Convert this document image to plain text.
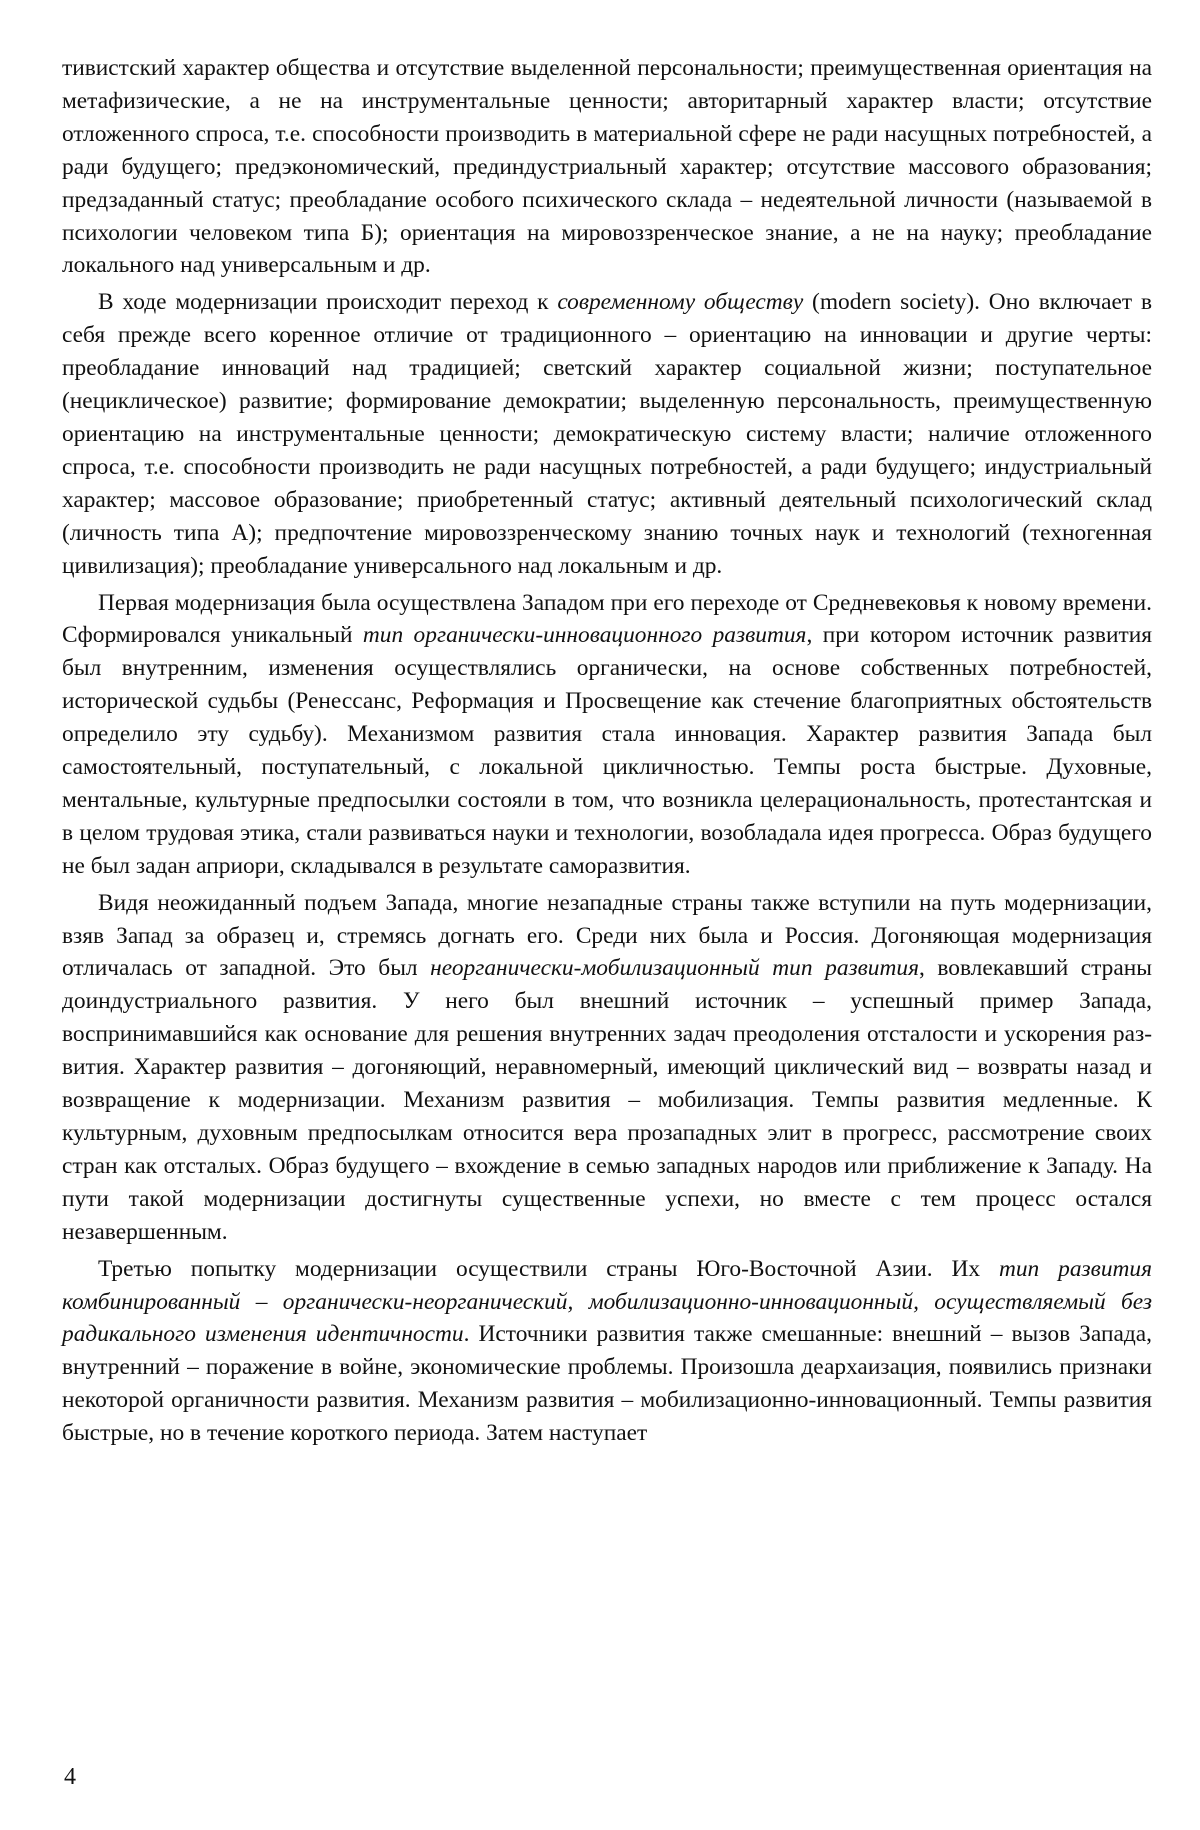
тивистский характер общества и отсутствие выделенной персональности; преимущественная ориентация на метафизические, а не на инструментальные ценности; авторитарный характер власти; отсутствие отложенного спроса, т.е. способности производить в материальной сфере не ради насущных потребностей, а ради будущего; предэкономический, прединдустриальный характер; отсутствие массового образования; предзаданный статус; преобладание особого психического склада – недеятельной личности (называемой в психологии человеком типа Б); ориентация на мировоззренческое знание, а не на науку; преобладание локального над универсальным и др.

В ходе модернизации происходит переход к современному обществу (modern society). Оно включает в себя прежде всего коренное отличие от традиционного – ориентацию на инновации и другие черты: преобладание инноваций над традицией; светский характер социальной жизни; поступательное (нециклическое) развитие; формирование демократии; выделенную персональность, преимущественную ориентацию на инструментальные ценности; демократическую систему власти; наличие отложенного спроса, т.е. способности производить не ради насущных потребностей, а ради будущего; индустриальный характер; массовое образование; приобретенный статус; активный деятельный психологический склад (личность типа А); предпочтение мировоззренческому знанию точных наук и технологий (техногенная цивилизация); преобладание универсального над локальным и др.

Первая модернизация была осуществлена Западом при его переходе от Средневековья к новому времени. Сформировался уникальный тип органически-инновационного развития, при котором источник развития был внутренним, изменения осуществлялись органически, на основе собственных потребностей, исторической судьбы (Ренессанс, Реформация и Просвещение как стечение благоприятных обстоятельств определило эту судьбу). Механизмом развития стала инновация. Характер развития Запада был самостоятельный, поступательный, с локальной цикличностью. Темпы роста быстрые. Духовные, ментальные, культурные предпосылки состояли в том, что возникла целерациональность, протестантская и в целом трудовая этика, стали развиваться науки и технологии, возобладала идея прогресса. Образ будущего не был задан априори, складывался в результате саморазвития.

Видя неожиданный подъем Запада, многие незападные страны также вступили на путь модернизации, взяв Запад за образец и, стремясь догнать его. Среди них была и Россия. Догоняющая модернизация отличалась от западной. Это был неорганически-мобилизационный тип развития, вовлекавший страны доиндустриального развития. У него был внешний источник – успешный пример Запада, воспринимавшийся как основание для решения внутренних задач преодоления отсталости и ускорения развития. Характер развития – догоняющий, неравномерный, имеющий циклический вид – возвраты назад и возвращение к модернизации. Механизм развития – мобилизация. Темпы развития медленные. К культурным, духовным предпосылкам относится вера прозападных элит в прогресс, рассмотрение своих стран как отсталых. Образ будущего – вхождение в семью западных народов или приближение к Западу. На пути такой модернизации достигнуты существенные успехи, но вместе с тем процесс остался незавершенным.

Третью попытку модернизации осуществили страны Юго-Восточной Азии. Их тип развития комбинированный – органически-неорганический, мобилизационно-инновационный, осуществляемый без радикального изменения идентичности. Источники развития также смешанные: внешний – вызов Запада, внутренний – поражение в войне, экономические проблемы. Произошла деархаизация, появились признаки некоторой органичности развития. Механизм развития – мобилизационно-инновационный. Темпы развития быстрые, но в течение короткого периода. Затем наступает

4
